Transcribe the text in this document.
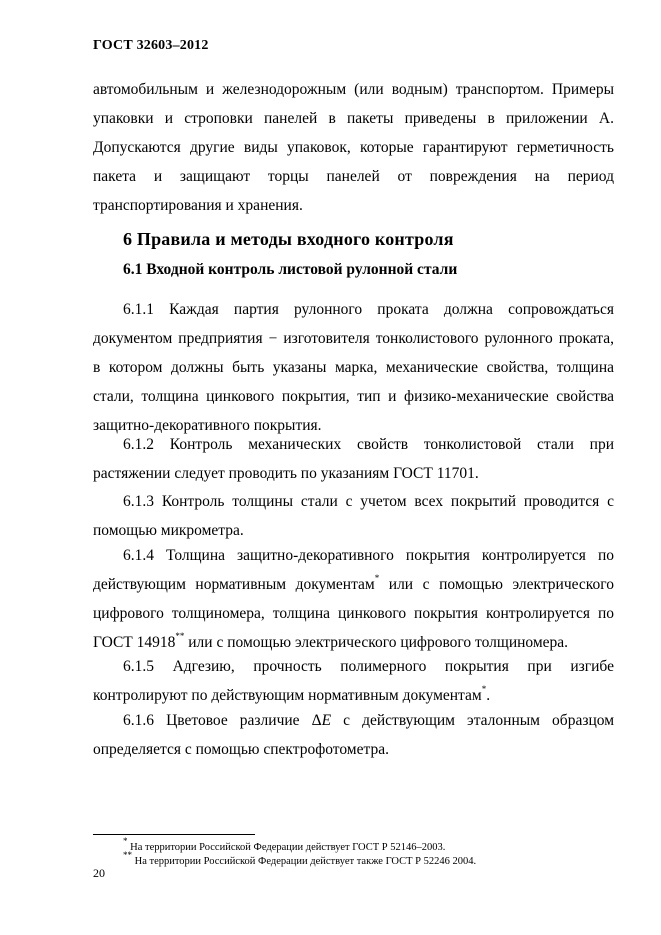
ГОСТ 32603–2012
автомобильным и железнодорожным (или водным) транспортом. Примеры
упаковки и строповки панелей в пакеты приведены в приложении А.
Допускаются другие виды упаковок, которые гарантируют герметичность
пакета и защищают торцы панелей от повреждения на период
транспортирования и хранения.
6 Правила и методы входного контроля
6.1 Входной контроль листовой рулонной стали
6.1.1 Каждая партия рулонного проката должна сопровождаться
документом предприятия − изготовителя тонколистового рулонного проката,
в котором должны быть указаны марка, механические свойства, толщина
стали, толщина цинкового покрытия, тип и физико-механические свойства
защитно-декоративного покрытия.
6.1.2 Контроль механических свойств тонколистовой стали при
растяжении следует проводить по указаниям ГОСТ 11701.
6.1.3 Контроль толщины стали с учетом всех покрытий проводится с
помощью микрометра.
6.1.4 Толщина защитно-декоративного покрытия контролируется по
действующим нормативным документам* или с помощью электрического
цифрового толщиномера, толщина цинкового покрытия контролируется по
ГОСТ 14918** или с помощью электрического цифрового толщиномера.
6.1.5 Адгезию, прочность полимерного покрытия при изгибе
контролируют по действующим нормативным документам*.
6.1.6 Цветовое различие ΔE с действующим эталонным образцом
определяется с помощью спектрофотометра.
* На территории Российской Федерации действует ГОСТ Р 52146–2003.
** На территории Российской Федерации действует также ГОСТ Р 52246 2004.
20
